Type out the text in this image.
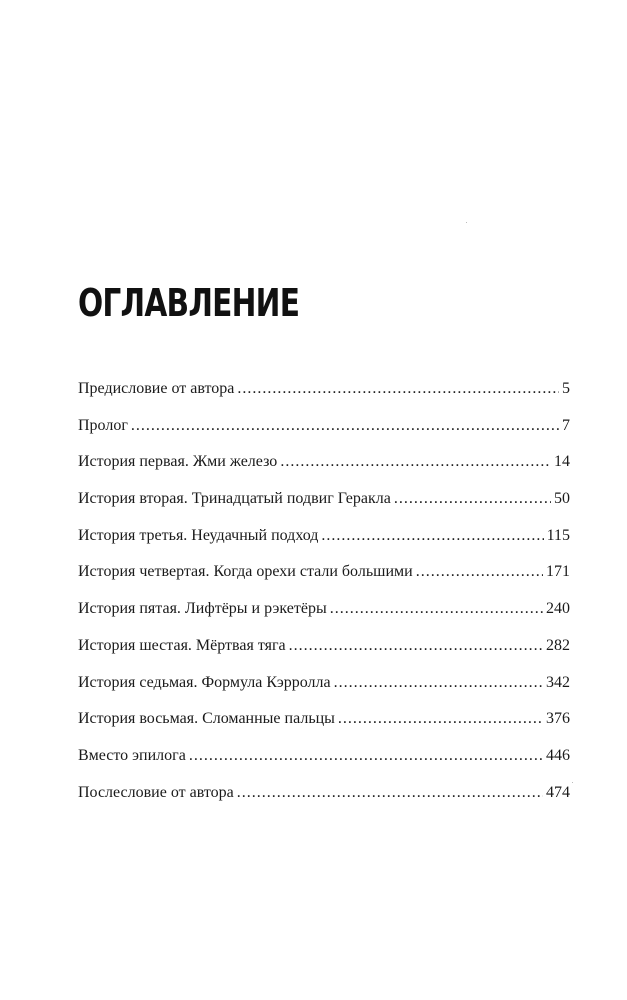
ОГЛАВЛЕНИЕ
Предисловие от автора .....	5
Пролог .....	7
История первая. Жми железо .....	14
История вторая. Тринадцатый подвиг Геракла .....	50
История третья. Неудачный подход .....	115
История четвертая. Когда орехи стали большими .....	171
История пятая. Лифтёры и рэкетёры .....	240
История шестая. Мёртвая тяга .....	282
История седьмая. Формула Кэрролла .....	342
История восьмая. Сломанные пальцы .....	376
Вместо эпилога .....	446
Послесловие от автора .....	474
